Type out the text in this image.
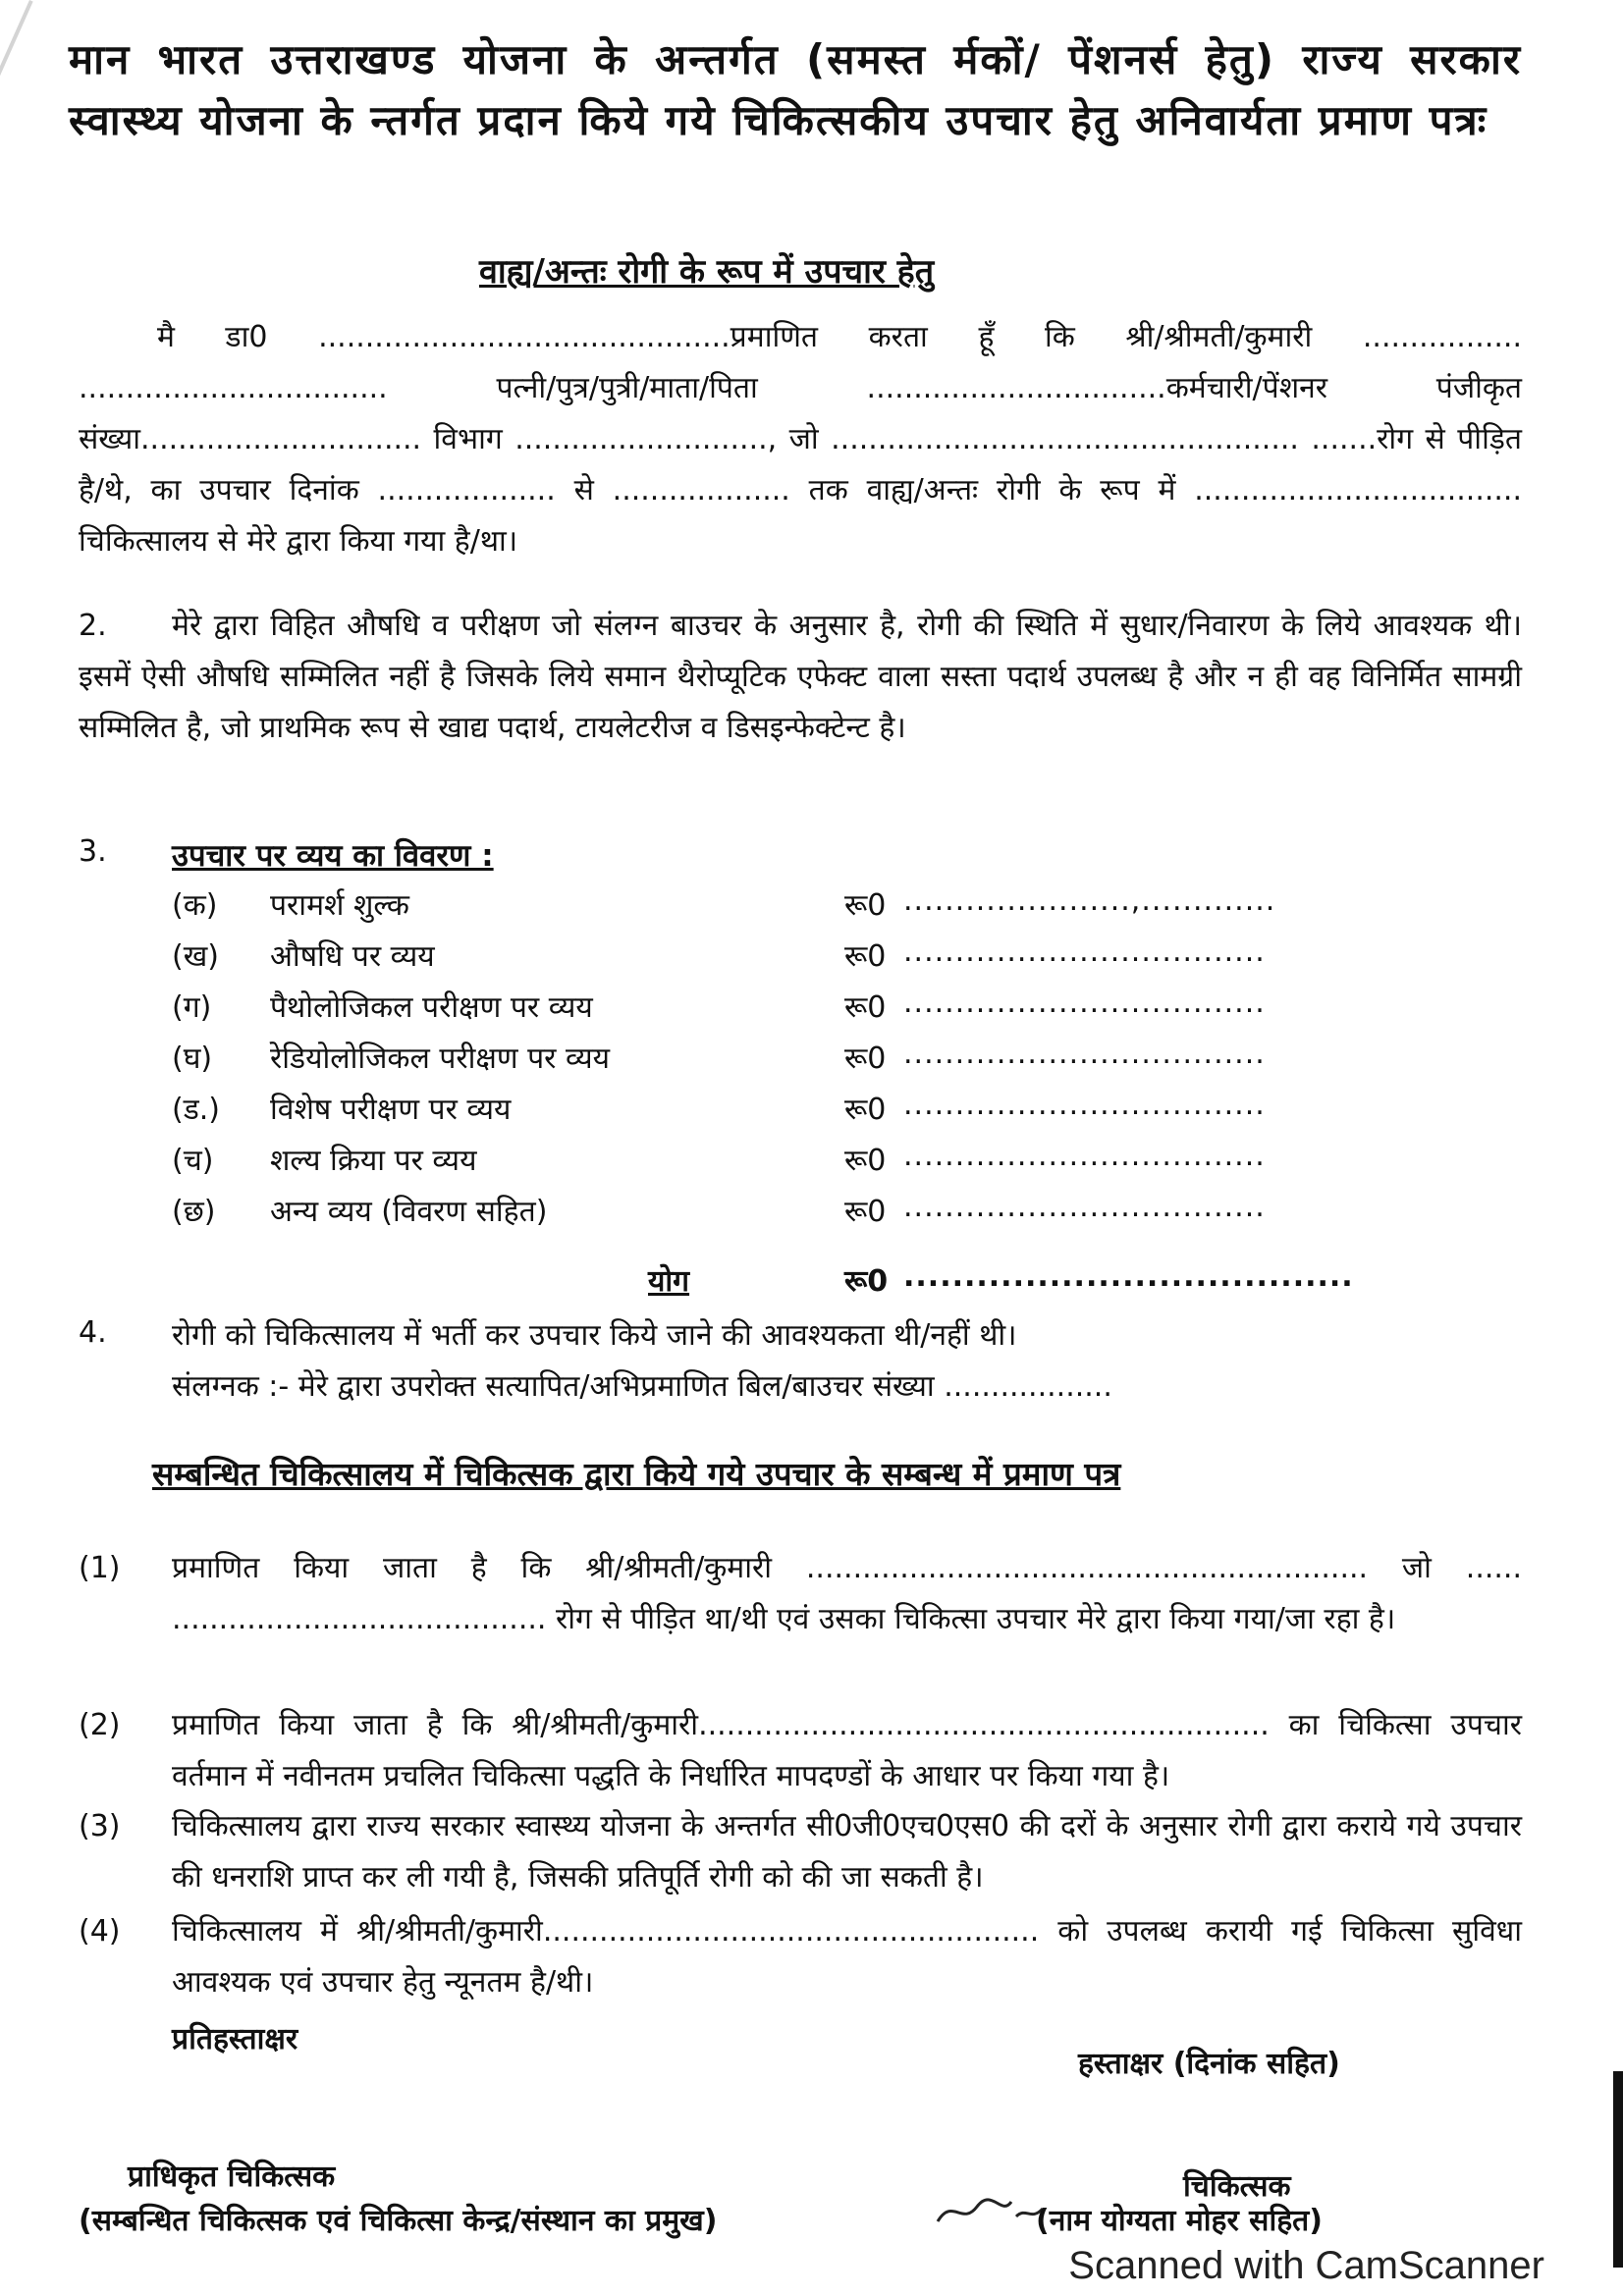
मान भारत उत्तराखण्ड योजना के अन्तर्गत (समस्त र्मकों/ पेंशनर्स हेतु) राज्य सरकार स्वास्थ्य योजना के न्तर्गत प्रदान किये गये चिकित्सकीय उपचार हेतु अनिवार्यता प्रमाण पत्रः
वाह्य/अन्तः रोगी के रूप में उपचार हेतु
मै डा0 ............................................प्रमाणित करता हूँ कि श्री/श्रीमती/कुमारी ................. ................................. पत्नी/पुत्र/पुत्री/माता/पिता ................................कर्मचारी/पेंशनर पंजीकृत संख्या.............................. विभाग ..........................., जो .................................................. .......रोग से पीड़ित है/थे, का उपचार दिनांक ................... से ................... तक वाह्य/अन्तः रोगी के रूप में ................................... चिकित्सालय से मेरे द्वारा किया गया है/था।
2.	मेरे द्वारा विहित औषधि व परीक्षण जो संलग्न बाउचर के अनुसार है, रोगी की स्थिति में सुधार/निवारण के लिये आवश्यक थी। इसमें ऐसी औषधि सम्मिलित नहीं है जिसके लिये समान थैरोप्यूटिक एफेक्ट वाला सस्ता पदार्थ उपलब्ध है और न ही वह विनिर्मित सामग्री सम्मिलित है, जो प्राथमिक रूप से खाद्य पदार्थ, टायलेटरीज व डिसइन्फेक्टेन्ट है।
3. उपचार पर व्यय का विवरण :
(क)	परामर्श शुल्क	रू0 ......................,.............
(ख)	औषधि पर व्यय	रू0 ...................................
(ग)	पैथोलोजिकल परीक्षण पर व्यय	रू0 ...................................
(घ)	रेडियोलोजिकल परीक्षण पर व्यय	रू0 ...................................
(ड.)	विशेष परीक्षण पर व्यय	रू0 ...................................
(च)	शल्य क्रिया पर व्यय	रू0 ...................................
(छ)	अन्य व्यय (विवरण सहित)	रू0 ...................................
योग	रू0 .....................................
4. रोगी को चिकित्सालय में भर्ती कर उपचार किये जाने की आवश्यकता थी/नहीं थी।
संलग्नक :- मेरे द्वारा उपरोक्त सत्यापित/अभिप्रमाणित बिल/बाउचर संख्या ..................
सम्बन्धित चिकित्सालय में चिकित्सक द्वारा किये गये उपचार के सम्बन्ध में प्रमाण पत्र
(1) प्रमाणित किया जाता है कि श्री/श्रीमती/कुमारी ............................................................ जो ...... ........................................ रोग से पीड़ित था/थी एवं उसका चिकित्सा उपचार मेरे द्वारा किया गया/जा रहा है।
(2) प्रमाणित किया जाता है कि श्री/श्रीमती/कुमारी............................................................. का चिकित्सा उपचार वर्तमान में नवीनतम प्रचलित चिकित्सा पद्धति के निर्धारित मापदण्डों के आधार पर किया गया है।
(3) चिकित्सालय द्वारा राज्य सरकार स्वास्थ्य योजना के अन्तर्गत सी0जी0एच0एस0 की दरों के अनुसार रोगी द्वारा कराये गये उपचार की धनराशि प्राप्त कर ली गयी है, जिसकी प्रतिपूर्ति रोगी को की जा सकती है।
(4) चिकित्सालय में श्री/श्रीमती/कुमारी..................................................... को उपलब्ध करायी गई चिकित्सा सुविधा आवश्यक एवं उपचार हेतु न्यूनतम है/थी।
प्रतिहस्ताक्षर
हस्ताक्षर (दिनांक सहित)
प्राधिकृत चिकित्सक	चिकित्सक
(सम्बन्धित चिकित्सक एवं चिकित्सा केन्द्र/संस्थान का प्रमुख)	(नाम योग्यता मोहर सहित)
Scanned with CamScanner
